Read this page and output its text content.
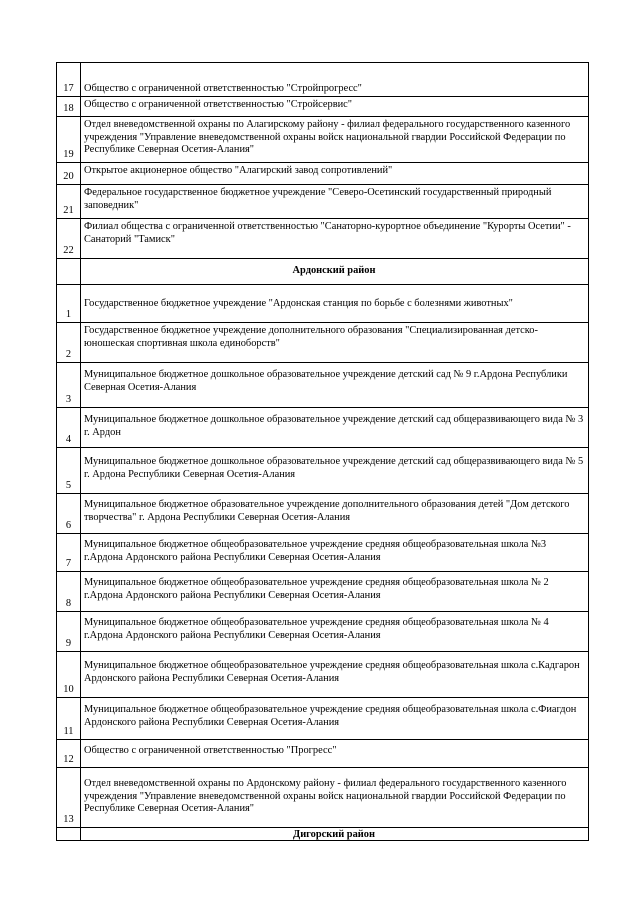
17	Общество с ограниченной ответственностью "Стройпрогресс"
18	Общество с ограниченной ответственностью "Стройсервис"
19	Отдел вневедомственной охраны по Алагирскому району - филиал федерального государственного казенного учреждения "Управление вневедомственной охраны войск национальной гвардии Российской Федерации по Республике Северная Осетия-Алания"
20	Открытое акционерное общество "Алагирский завод сопротивлений"
21	Федеральное государственное бюджетное учреждение "Северо-Осетинский государственный природный заповедник"
22	Филиал общества с ограниченной ответственностью "Санаторно-курортное объединение "Курорты Осетии" - Санаторий "Тамиск"
	Ардонский район
1	Государственное бюджетное учреждение "Ардонская станция по борьбе с болезнями животных"
2	Государственное бюджетное учреждение дополнительного образования "Специализированная детско-юношеская спортивная школа единоборств"
3	Муниципальное бюджетное дошкольное образовательное учреждение детский сад № 9 г.Ардона Республики Северная Осетия-Алания
4	Муниципальное бюджетное дошкольное образовательное учреждение детский сад общеразвивающего вида № 3 г. Ардон
5	Муниципальное бюджетное дошкольное образовательное учреждение детский сад общеразвивающего вида № 5 г. Ардона Республики Северная Осетия-Алания
6	Муниципальное бюджетное образовательное учреждение дополнительного образования детей "Дом детского творчества" г. Ардона Республики Северная Осетия-Алания
7	Муниципальное бюджетное общеобразовательное учреждение средняя общеобразовательная школа №3 г.Ардона Ардонского района Республики Северная Осетия-Алания
8	Муниципальное бюджетное общеобразовательное учреждение средняя общеобразовательная школа № 2 г.Ардона Ардонского района Республики Северная Осетия-Алания
9	Муниципальное бюджетное общеобразовательное учреждение средняя общеобразовательная школа № 4 г.Ардона Ардонского района Республики Северная Осетия-Алания
10	Муниципальное бюджетное общеобразовательное учреждение средняя общеобразовательная школа с.Кадгарон Ардонского района Республики Северная Осетия-Алания
11	Муниципальное бюджетное общеобразовательное учреждение средняя общеобразовательная школа с.Фиагдон Ардонского района Республики Северная Осетия-Алания
12	Общество с ограниченной ответственностью "Прогресс"
13	Отдел вневедомственной охраны по Ардонскому району - филиал федерального государственного казенного учреждения "Управление вневедомственной охраны войск национальной гвардии Российской Федерации по Республике Северная Осетия-Алания"
	Дигорский район
